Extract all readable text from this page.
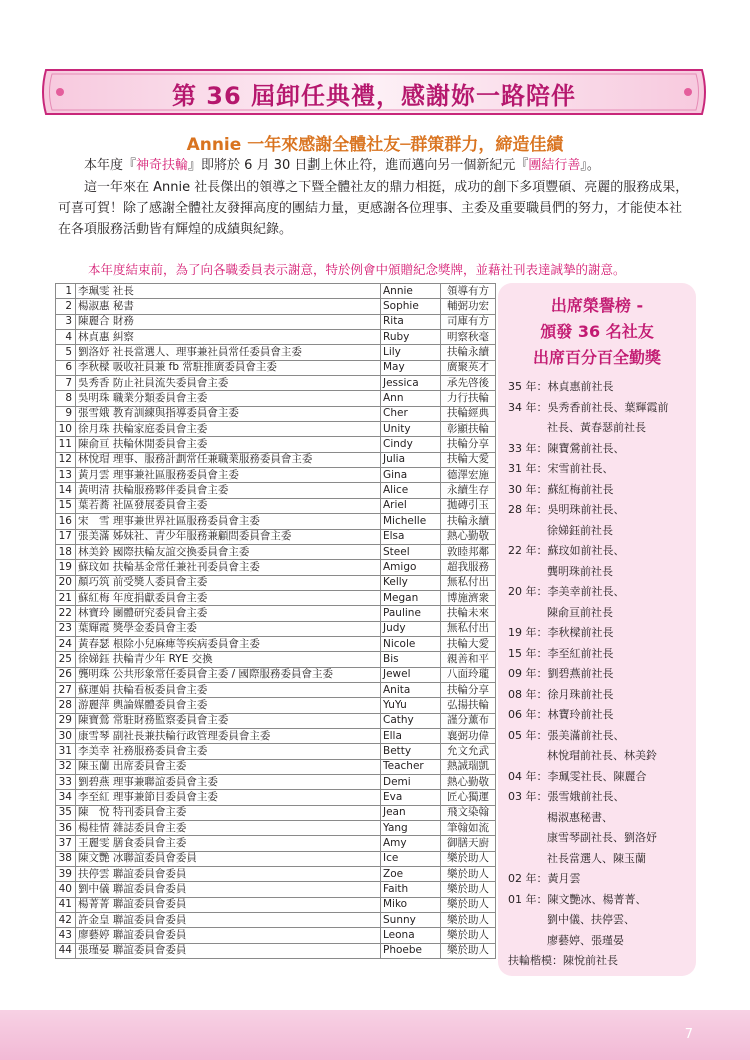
第 36 屆卸任典禮，感謝妳一路陪伴
Annie 一年來感謝全體社友─群策群力，締造佳績
本年度『神奇扶輪』即將於 6 月 30 日劃上休止符，進而邁向另一個新紀元『團結行善』。
這一年來在 Annie 社長傑出的領導之下暨全體社友的鼎力相挺，成功的創下多項豐碩、亮麗的服務成果，可喜可賀！除了感謝全體社友發揮高度的團結力量，更感謝各位理事、主委及重要職員們的努力，才能使本社在各項服務活動皆有輝煌的成績與紀錄。
本年度結束前，為了向各職委員表示謝意，特於例會中頒贈紀念獎牌，並藉社刊表達誠摯的謝意。
1	李珮雯 社長	Annie	領導有方
2	楊淑惠 秘書	Sophie	輔弼功宏
3	陳麗合 財務	Rita	司庫有方
4	林貞惠 糾察	Ruby	明察秋毫
5	劉洛妤 社長當選人、理事兼社員常任委員會主委	Lily	扶輪永續
6	李秋樑 吸收社員兼 fb 常駐推廣委員會主委	May	廣聚英才
7	吳秀香 防止社員流失委員會主委	Jessica	承先啓後
8	吳明珠 職業分類委員會主委	Ann	力行扶輪
9	張雪娥 教育訓練與指導委員會主委	Cher	扶輪經典
10	徐月珠 扶輪家庭委員會主委	Unity	彰顯扶輪
11	陳俞亘 扶輪休閒委員會主委	Cindy	扶輪分享
12	林悅瑁 理事、服務計劃常任兼職業服務委員會主委	Julia	扶輪大愛
13	黃月雲 理事兼社區服務委員會主委	Gina	德澤宏施
14	黃明清 扶輪服務夥伴委員會主委	Alice	永續生存
15	葉若蕎 社區發展委員會主委	Ariel	拋磚引玉
16	宋　雪 理事兼世界社區服務委員會主委	Michelle	扶輪永續
17	張美滿 姊妹社、青少年服務兼顧問委員會主委	Elsa	熱心勤敬
18	林美鈴 國際扶輪友誼交換委員會主委	Steel	敦睦邦鄰
19	蘇玟如 扶輪基金常任兼社刊委員會主委	Amigo	超我服務
20	顏巧筑 前受獎人委員會主委	Kelly	無私付出
21	蘇紅梅 年度捐獻委員會主委	Megan	博施濟衆
22	林寶玲 團體研究委員會主委	Pauline	扶輪未來
23	葉輝霞 獎學金委員會主委	Judy	無私付出
24	黃春瑟 根除小兒麻痺等疾病委員會主委	Nicole	扶輪大愛
25	徐娣鈺 扶輪青少年 RYE 交換	Bis	親善和平
26	龔明珠 公共形象常任委員會主委 / 國際服務委員會主委	Jewel	八面玲瓏
27	蘇運娟 扶輪看板委員會主委	Anita	扶輪分享
28	游麗萍 輿論媒體委員會主委	YuYu	弘揚扶輪
29	陳寶鶯 常駐財務監察委員會主委	Cathy	謹分薰布
30	康雪琴 副社長兼扶輪行政管理委員會主委	Ella	襄弼功偉
31	李美幸 社務服務委員會主委	Betty	允文允武
32	陳玉蘭 出席委員會主委	Teacher	熱誠瑞凱
33	劉碧燕 理事兼聯誼委員會主委	Demi	熱心勤敬
34	李至紅 理事兼節目委員會主委	Eva	匠心獨運
35	陳　悅 特刊委員會主委	Jean	飛文染翰
36	楊桂情 雜誌委員會主委	Yang	筆翰如流
37	王麗雯 膳食委員會主委	Amy	御膳天廚
38	陳文艷 冰聯誼委員會委員	Ice	樂於助人
39	扶停雲 聯誼委員會委員	Zoe	樂於助人
40	劉中儀 聯誼委員會委員	Faith	樂於助人
41	楊菁菁 聯誼委員會委員	Miko	樂於助人
42	許金皇 聯誼委員會委員	Sunny	樂於助人
43	廖藝婷 聯誼委員會委員	Leona	樂於助人
44	張瑾晏 聯誼委員會委員	Phoebe	樂於助人
出席榮譽榜 -
頒發 36 名社友
出席百分百全勤獎
35 年：林貞惠前社長
34 年：吳秀香前社長、葉輝霞前
社長、黃春瑟前社長
33 年：陳寶鶯前社長、
31 年：宋雪前社長、
30 年：蘇紅梅前社長
28 年：吳明珠前社長、
徐娣鈺前社長
22 年：蘇玟如前社長、
龔明珠前社長
20 年：李美幸前社長、
陳俞亘前社長
19 年：李秋樑前社長
15 年：李至紅前社長
09 年：劉碧燕前社長
08 年：徐月珠前社長
06 年：林寶玲前社長
05 年：張美滿前社長、
林悅瑁前社長、林美鈴
04 年：李珮雯社長、陳麗合
03 年：張雪娥前社長、
楊淑惠秘書、
康雪琴副社長、劉洛妤
社長當選人、陳玉蘭
02 年：黃月雲
01 年：陳文艷冰、楊菁菁、
劉中儀、扶停雲、
廖藝婷、張瑾晏
扶輪楷模：陳悅前社長
7
